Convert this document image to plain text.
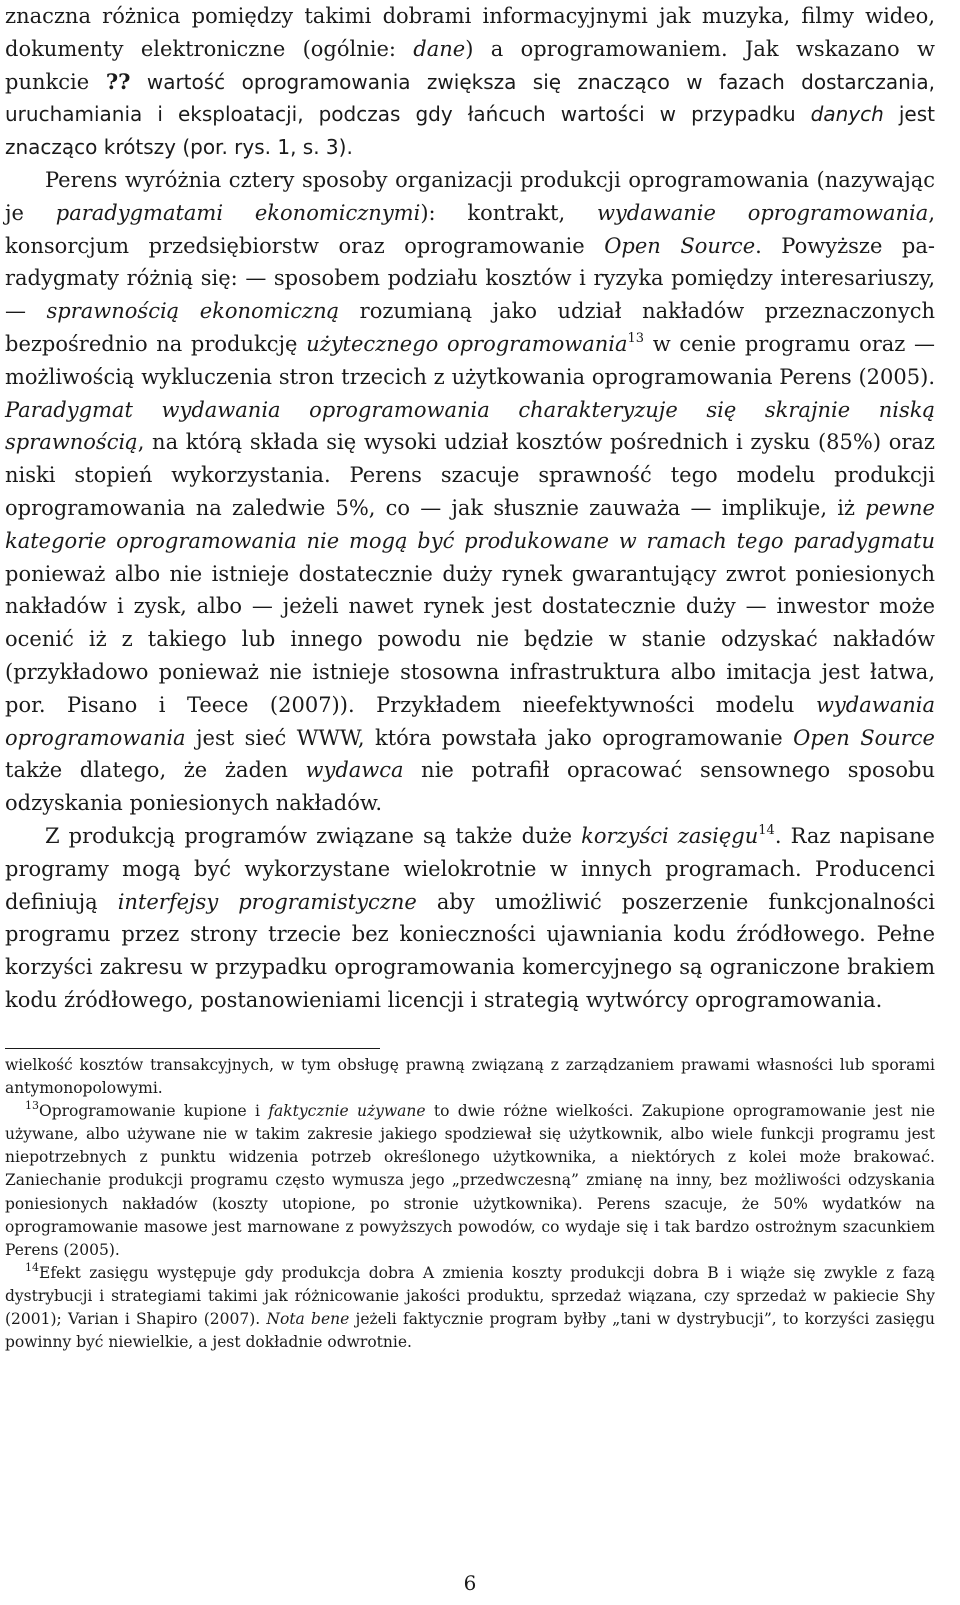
znaczna różnica pomiędzy takimi dobrami informacyjnymi jak muzyka, filmy wideo, dokumenty elektroniczne (ogólnie: dane) a oprogramowaniem. Jak wskazano w punkcie ?? wartość oprogramowania zwiększa się znacząco w fazach dostarczania, uruchamiania i eksploatacji, podczas gdy łańcuch wartości w przypadku danych jest znacząco krótszy (por. rys. 1, s. 3).

Perens wyróżnia cztery sposoby organizacji produkcji oprogramowania (nazywając je paradygmatami ekonomicznymi): kontrakt, wydawanie oprogramowania, konsorcjum przedsiębiorstw oraz oprogramowanie Open Source. Powyższe paradygmaty różnią się: — sposobem podziału kosztów i ryzyka pomiędzy interesariuszy, — sprawnością ekonomiczną rozumianą jako udział nakładów przeznaczonych bezpośrednio na produkcję użytecznego oprogramowania$^{13}$ w cenie programu oraz — możliwością wykluczenia stron trzecich z użytkowania oprogramowania Perens (2005). Paradygmat wydawania oprogramowania charakteryzuje się skrajnie niską sprawnością, na którą składa się wysoki udział kosztów pośrednich i zysku (85%) oraz niski stopień wykorzystania. Perens szacuje sprawność tego modelu produkcji oprogramowania na zaledwie 5%, co — jak słusznie zauważa — implikuje, iż pewne kategorie oprogramowania nie mogą być produkowane w ramach tego paradygmatu ponieważ albo nie istnieje dostatecznie duży rynek gwarantujący zwrot poniesionych nakładów i zysk, albo — jeżeli nawet rynek jest dostatecznie duży — inwestor może ocenić iż z takiego lub innego powodu nie będzie w stanie odzyskać nakładów (przykładowo ponieważ nie istnieje stosowna infrastruktura albo imitacja jest łatwa, por. Pisano i Teece (2007)). Przykładem nieefektywności modelu wydawania oprogramowania jest sieć WWW, która powstała jako oprogramowanie Open Source także dlatego, że żaden wydawca nie potrafił opracować sensownego sposobu odzyskania poniesionych nakładów.

Z produkcją programów związane są także duże korzyści zasięgu$^{14}$. Raz napisane programy mogą być wykorzystane wielokrotnie w innych programach. Producenci definiują interfejsy programistyczne aby umożliwić poszerzenie funkcjonalności programu przez strony trzecie bez konieczności ujawniania kodu źródłowego. Pełne korzyści zakresu w przypadku oprogramowania komercyjnego są ograniczone brakiem kodu źródłowego, postanowieniami licencji i strategią wytwórcy oprogramowania.

wielkość kosztów transakcyjnych, w tym obsługę prawną związaną z zarządzaniem prawami własności lub sporami antymonopolowymi.

$^{13}$Oprogramowanie kupione i faktycznie używane to dwie różne wielkości. Zakupione oprogramowanie jest nie używane, albo używane nie w takim zakresie jakiego spodziewał się użytkownik, albo wiele funkcji programu jest niepotrzebnych z punktu widzenia potrzeb określonego użytkownika, a niektórych z kolei może brakować. Zaniechanie produkcji programu często wymusza jego „przedwczesną” zmianę na inny, bez możliwości odzyskania poniesionych nakładów (koszty utopione, po stronie użytkownika). Perens szacuje, że 50% wydatków na oprogramowanie masowe jest marnowane z powyższych powodów, co wydaje się i tak bardzo ostrożnym szacunkiem Perens (2005).

$^{14}$Efekt zasięgu występuje gdy produkcja dobra A zmienia koszty produkcji dobra B i wiąże się zwykle z fazą dystrybucji i strategiami takimi jak różnicowanie jakości produktu, sprzedaż wiązana, czy sprzedaż w pakiecie Shy (2001); Varian i Shapiro (2007). Nota bene jeżeli faktycznie program byłby „tani w dystrybucji”, to korzyści zasięgu powinny być niewielkie, a jest dokładnie odwrotnie.

6
